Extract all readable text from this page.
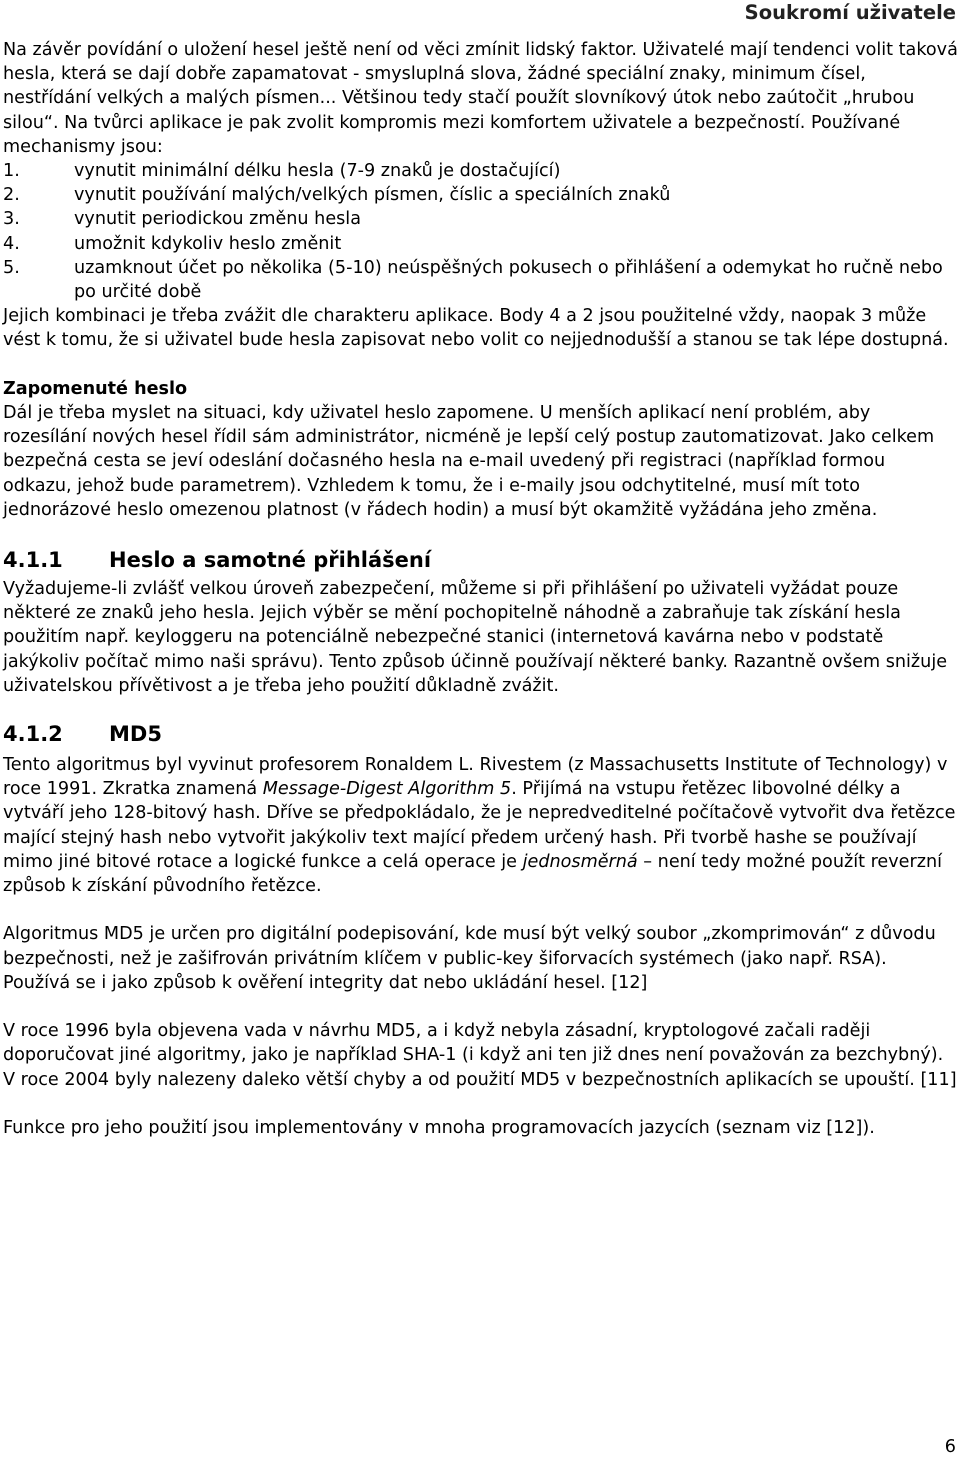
Soukromí uživatele

Na závěr povídání o uložení hesel ještě není od věci zmínit lidský faktor. Uživatelé mají tendenci volit taková hesla, která se dají dobře zapamatovat - smysluplná slova, žádné speciální znaky, minimum čísel, nestřídání velkých a malých písmen... Většinou tedy stačí použít slovníkový útok nebo zaútočit „hrubou silou“. Na tvůrci aplikace je pak zvolit kompromis mezi komfortem uživatele a bezpečností. Používané mechanismy jsou:

1.	vynutit minimální délku hesla (7-9 znaků je dostačující)
2.	vynutit používání malých/velkých písmen, číslic a speciálních znaků
3.	vynutit periodickou změnu hesla
4.	umožnit kdykoliv heslo změnit
5.	uzamknout účet po několika (5-10) neúspěšných pokusech o přihlášení a odemykat ho ručně nebo po určité době

Jejich kombinaci je třeba zvážit dle charakteru aplikace. Body 4 a 2 jsou použitelné vždy, naopak 3 může vést k tomu, že si uživatel bude hesla zapisovat nebo volit co nejjednodušší a stanou se tak lépe dostupná.

Zapomenuté heslo

Dál je třeba myslet na situaci, kdy uživatel heslo zapomene. U menších aplikací není problém, aby rozesílání nových hesel řídil sám administrátor, nicméně je lepší celý postup zautomatizovat. Jako celkem bezpečná cesta se jeví odeslání dočasného hesla na e-mail uvedený při registraci (například formou odkazu, jehož bude parametrem). Vzhledem k tomu, že i e-maily jsou odchytitelné, musí mít toto jednorázové heslo omezenou platnost (v řádech hodin) a musí být okamžitě vyžádána jeho změna.

4.1.1 Heslo a samotné přihlášení

Vyžadujeme-li zvlášť velkou úroveň zabezpečení, můžeme si při přihlášení po uživateli vyžádat pouze některé ze znaků jeho hesla. Jejich výběr se mění pochopitelně náhodně a zabraňuje tak získání hesla použitím např. keyloggeru na potenciálně nebezpečné stanici (internetová kavárna nebo v podstatě jakýkoliv počítač mimo naši správu). Tento způsob účinně používají některé banky. Razantně ovšem snižuje uživatelskou přívětivost a je třeba jeho použití důkladně zvážit.

4.1.2 MD5

Tento algoritmus byl vyvinut profesorem Ronaldem L. Rivestem (z Massachusetts Institute of Technology) v roce 1991. Zkratka znamená Message-Digest Algorithm 5. Přijímá na vstupu řetězec libovolné délky a vytváří jeho 128-bitový hash. Dříve se předpokládalo, že je nepredveditelné počítačově vytvořit dva řetězce mající stejný hash nebo vytvořit jakýkoliv text mající předem určený hash. Při tvorbě hashe se používají mimo jiné bitové rotace a logické funkce a celá operace je jednosměrná – není tedy možné použít reverzní způsob k získání původního řetězce.

Algoritmus MD5 je určen pro digitální podepisování, kde musí být velký soubor „zkomprimován“ z důvodu bezpečnosti, než je zašifrován privátním klíčem v public-key šiforvacích systémech (jako např. RSA). Používá se i jako způsob k ověření integrity dat nebo ukládání hesel. [12]

V roce 1996 byla objevena vada v návrhu MD5, a i když nebyla zásadní, kryptologové začali raději doporučovat jiné algoritmy, jako je například SHA-1 (i když ani ten již dnes není považován za bezchybný). V roce 2004 byly nalezeny daleko větší chyby a od použití MD5 v bezpečnostních aplikacích se upouští. [11]

Funkce pro jeho použití jsou implementovány v mnoha programovacích jazycích (seznam viz [12]).

6
